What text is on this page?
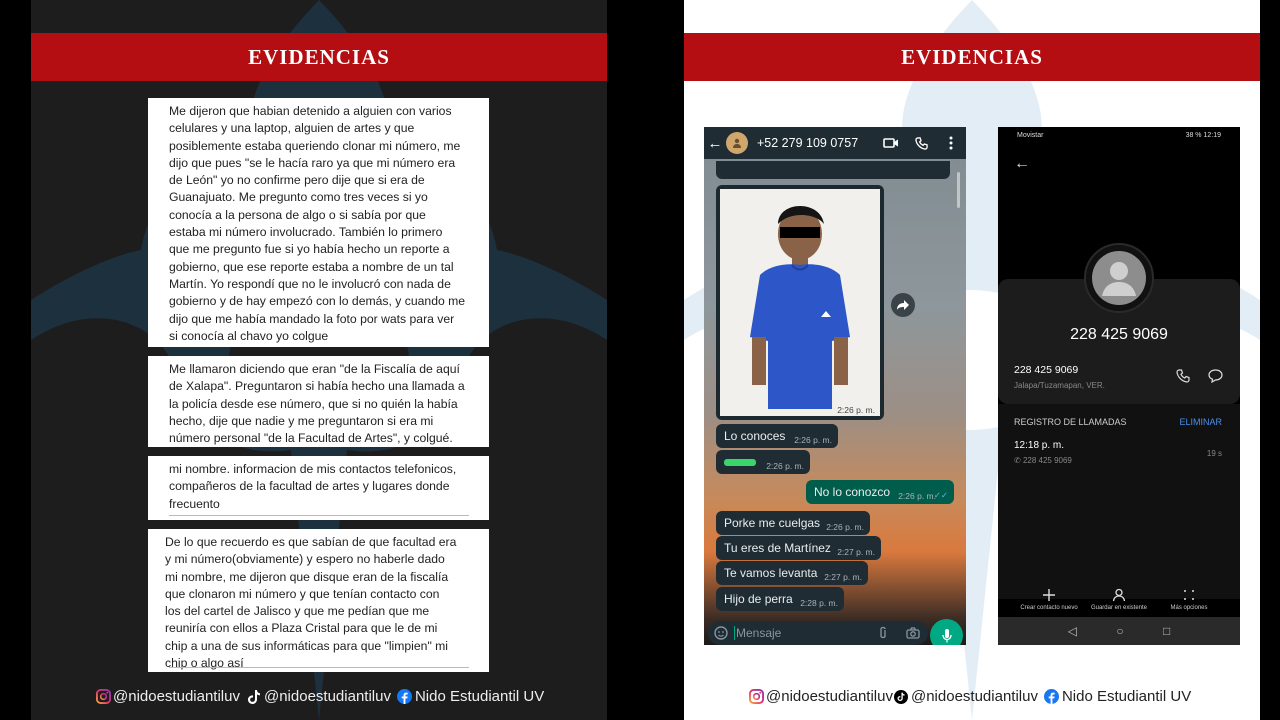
EVIDENCIAS
Me dijeron que habian detenido a alguien con varios
celulares y una laptop, alguien de artes y que
posiblemente estaba queriendo clonar mi número, me
dijo que pues "se le hacía raro ya que mi número era
de León" yo no confirme pero dije que si era de
Guanajuato. Me pregunto como tres veces si yo
conocía a la persona de algo o si sabía por que
estaba mi número involucrado. También lo primero
que me pregunto fue si yo había hecho un reporte a
gobierno, que ese reporte estaba a nombre de un tal
Martín. Yo respondí que no le involucró con nada de
gobierno y de hay empezó con lo demás, y cuando me
dijo que me había mandado la foto por wats para ver
si conocía al chavo yo colgue
Me llamaron diciendo que eran "de la Fiscalía de aquí
de Xalapa". Preguntaron si había hecho una llamada a
la policía desde ese número, que si no quién la había
hecho, dije que nadie y me preguntaron si era mi
número personal "de la Facultad de Artes", y colgué.
mi nombre. informacion de mis contactos telefonicos,
compañeros de la facultad de artes y lugares donde
frecuento
De lo que recuerdo es que sabían de que facultad era
y mi número(obviamente) y espero no haberle dado
mi nombre, me dijeron que disque eran de la fiscalía
que clonaron mi número y que tenían contacto con
los del cartel de Jalisco y que me pedían que me
reuniría con ellos a Plaza Cristal para que le de mi
chip a una de sus informáticas para que "limpien" mi
chip o algo así
@nidoestudiantiluv @nidoestudiantiluv Nido Estudiantil UV
EVIDENCIAS
←	+52 279 109 0757
2:26 p. m.
Lo conoces 2:26 p. m.
2:26 p. m.
No lo conozco 2:26 p. m.
✓✓
Porke me cuelgas 2:26 p. m.
Tu eres de Martínez 2:27 p. m.
Te vamos levanta 2:27 p. m.
Hijo de perra 2:28 p. m.
Mensaje
Movistar	38 % 12:19
←
228 425 9069
228 425 9069
Jalapa/Tuzamapan, VER.
REGISTRO DE LLAMADAS	ELIMINAR
12:18 p. m.
✆ 228 425 9069
19 s
Crear contacto nuevo	Guardar en existente	Más opciones
◁	○	□
@nidoestudiantiluv @nidoestudiantiluv Nido Estudiantil UV
